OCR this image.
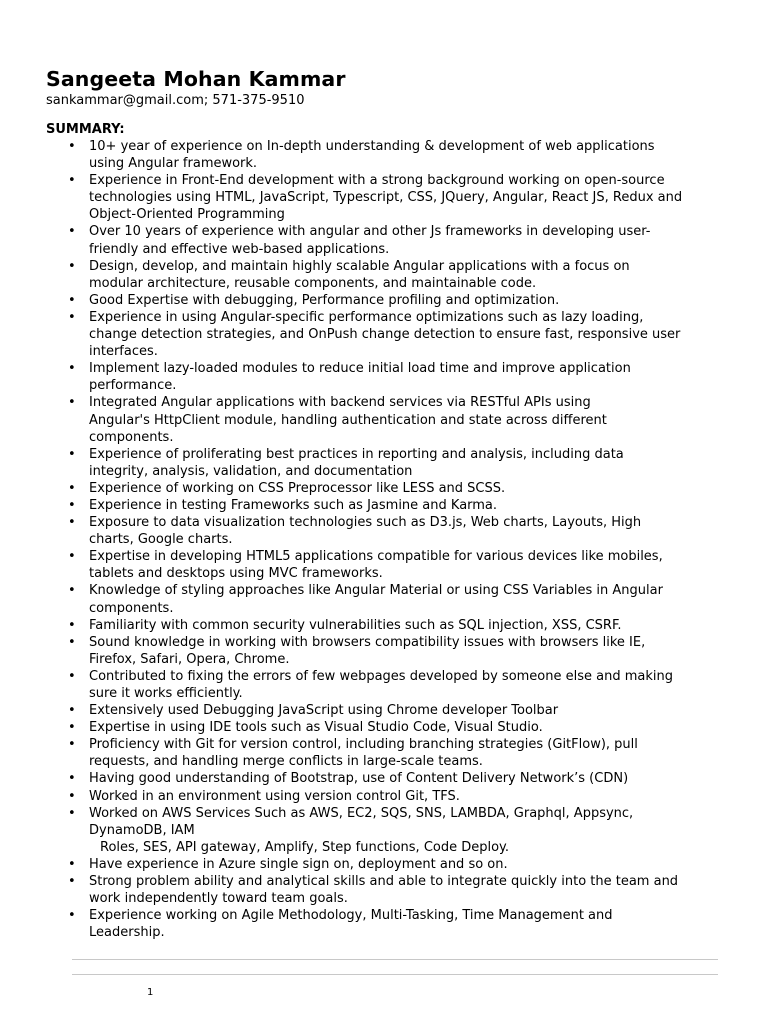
Sangeeta Mohan Kammar
sankammar@gmail.com; 571-375-9510
SUMMARY:
• 10+ year of experience on In-depth understanding & development of web applications
using Angular framework.
• Experience in Front-End development with a strong background working on open-source
technologies using HTML, JavaScript, Typescript, CSS, JQuery, Angular, React JS, Redux and
Object-Oriented Programming
• Over 10 years of experience with angular and other Js frameworks in developing user-
friendly and effective web-based applications.
• Design, develop, and maintain highly scalable Angular applications with a focus on
modular architecture, reusable components, and maintainable code.
• Good Expertise with debugging, Performance profiling and optimization.
• Experience in using Angular-specific performance optimizations such as lazy loading,
change detection strategies, and OnPush change detection to ensure fast, responsive user
interfaces.
• Implement lazy-loaded modules to reduce initial load time and improve application
performance.
• Integrated Angular applications with backend services via RESTful APIs using
Angular's HttpClient module, handling authentication and state across different
components.
• Experience of proliferating best practices in reporting and analysis, including data
integrity, analysis, validation, and documentation
• Experience of working on CSS Preprocessor like LESS and SCSS.
• Experience in testing Frameworks such as Jasmine and Karma.
• Exposure to data visualization technologies such as D3.js, Web charts, Layouts, High
charts, Google charts.
• Expertise in developing HTML5 applications compatible for various devices like mobiles,
tablets and desktops using MVC frameworks.
• Knowledge of styling approaches like Angular Material or using CSS Variables in Angular
components.
• Familiarity with common security vulnerabilities such as SQL injection, XSS, CSRF.
• Sound knowledge in working with browsers compatibility issues with browsers like IE,
Firefox, Safari, Opera, Chrome.
• Contributed to fixing the errors of few webpages developed by someone else and making
sure it works efficiently.
• Extensively used Debugging JavaScript using Chrome developer Toolbar
• Expertise in using IDE tools such as Visual Studio Code, Visual Studio.
• Proficiency with Git for version control, including branching strategies (GitFlow), pull
requests, and handling merge conflicts in large-scale teams.
• Having good understanding of Bootstrap, use of Content Delivery Network’s (CDN)
• Worked in an environment using version control Git, TFS.
• Worked on AWS Services Such as AWS, EC2, SQS, SNS, LAMBDA, Graphql, Appsync,
DynamoDB, IAM
Roles, SES, API gateway, Amplify, Step functions, Code Deploy.
• Have experience in Azure single sign on, deployment and so on.
• Strong problem ability and analytical skills and able to integrate quickly into the team and
work independently toward team goals.
• Experience working on Agile Methodology, Multi-Tasking, Time Management and
Leadership.
1
